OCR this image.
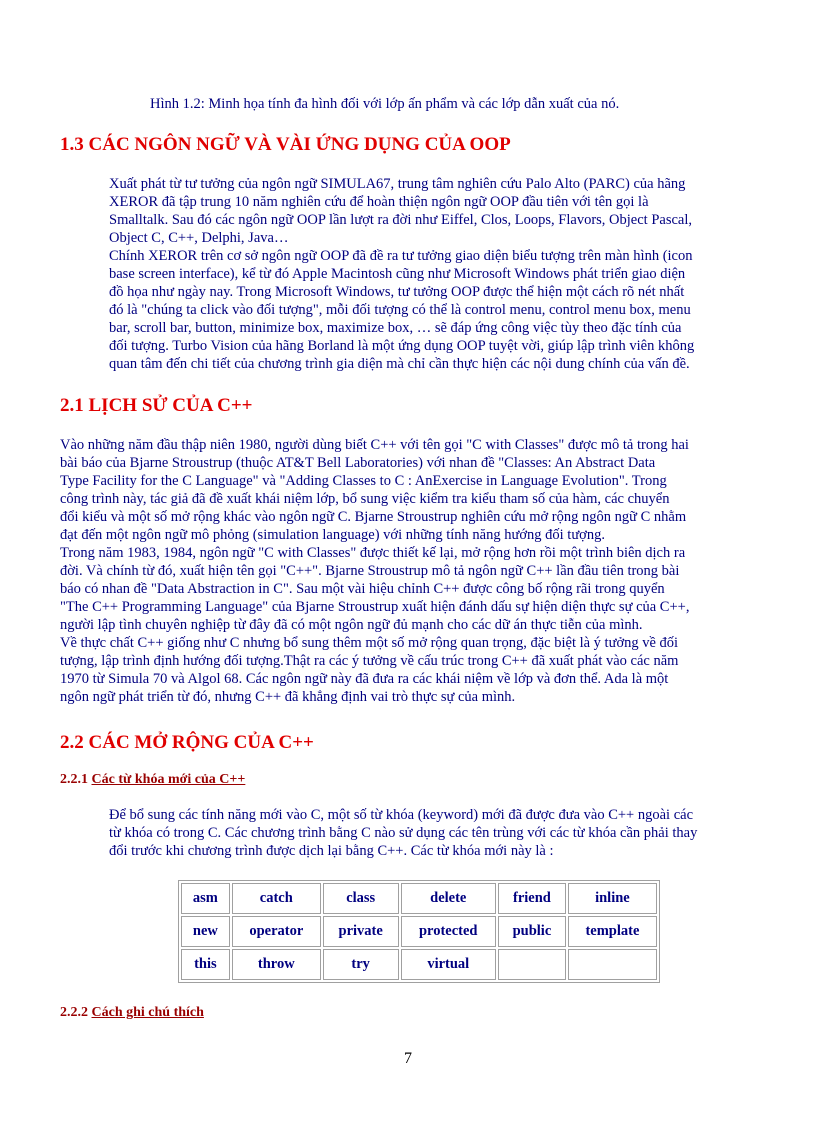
Hình 1.2: Minh họa tính đa hình đối với lớp ấn phẩm và các lớp dẫn xuất của nó.
1.3 CÁC NGÔN NGỮ VÀ VÀI ỨNG DỤNG CỦA OOP
Xuất phát từ tư tưởng của ngôn ngữ SIMULA67, trung tâm nghiên cứu Palo Alto (PARC) của hãng
XEROR đã tập trung 10 năm nghiên cứu để hoàn thiện ngôn ngữ OOP đầu tiên với tên gọi là
Smalltalk. Sau đó các ngôn ngữ OOP lần lượt ra đời như Eiffel, Clos, Loops, Flavors, Object Pascal,
Object C, C++, Delphi, Java…
Chính XEROR trên cơ sở ngôn ngữ OOP đã đề ra tư tưởng giao diện biểu tượng trên màn hình (icon
base screen interface), kể từ đó Apple Macintosh cũng như Microsoft Windows phát triển giao diện
đồ họa như ngày nay. Trong Microsoft Windows, tư tưởng OOP được thể hiện một cách rõ nét nhất
đó là "chúng ta click vào đối tượng", mỗi đối tượng có thể là control menu, control menu box, menu
bar, scroll bar, button, minimize box, maximize box, … sẽ đáp ứng công việc tùy theo đặc tính của
đối tượng. Turbo Vision của hãng Borland là một ứng dụng OOP tuyệt vời, giúp lập trình viên không
quan tâm đến chi tiết của chương trình gia diện mà chỉ cần thực hiện các nội dung chính của vấn đề.
2.1 LỊCH SỬ CỦA C++
Vào những năm đầu thập niên 1980, người dùng biết C++ với tên gọi "C with Classes" được mô tả trong hai
bài báo của Bjarne Stroustrup (thuộc AT&T Bell Laboratories) với nhan đề "Classes: An Abstract Data
Type Facility for the C Language" và "Adding Classes to C : AnExercise in Language Evolution". Trong
công trình này, tác giả đã đề xuất khái niệm lớp, bổ sung việc kiểm tra kiểu tham số của hàm, các chuyển
đổi kiểu và một số mở rộng khác vào ngôn ngữ C. Bjarne Stroustrup nghiên cứu mở rộng ngôn ngữ C nhằm
đạt đến một ngôn ngữ mô phỏng (simulation language) với những tính năng hướng đối tượng.
Trong năm 1983, 1984, ngôn ngữ "C with Classes" được thiết kế lại, mở rộng hơn rồi một trình biên dịch ra
đời. Và chính từ đó, xuất hiện tên gọi "C++". Bjarne Stroustrup mô tả ngôn ngữ C++ lần đầu tiên trong bài
báo có nhan đề "Data Abstraction in C". Sau một vài hiệu chỉnh C++ được công bố rộng rãi trong quyển
"The C++ Programming Language" của Bjarne Stroustrup xuất hiện đánh dấu sự hiện diện thực sự của C++,
người lập tình chuyên nghiệp từ đây đã có một ngôn ngữ đủ mạnh cho các dữ án thực tiễn của mình.
Về thực chất C++ giống như C nhưng bổ sung thêm một số mở rộng quan trọng, đặc biệt là ý tưởng về đối
tượng, lập trình định hướng đối tượng.Thật ra các ý tưởng về cấu trúc trong C++ đã xuất phát vào các năm
1970 từ Simula 70 và Algol 68. Các ngôn ngữ này đã đưa ra các khái niệm về lớp và đơn thể. Ada là một
ngôn ngữ phát triển từ đó, nhưng C++ đã khẳng định vai trò thực sự của mình.
2.2 CÁC MỞ RỘNG CỦA C++
2.2.1 Các từ khóa mới của C++
Để bổ sung các tính năng mới vào C, một số từ khóa (keyword) mới đã được đưa vào C++ ngoài các
từ khóa có trong C. Các chương trình bằng C nào sử dụng các tên trùng với các từ khóa cần phải thay
đổi trước khi chương trình được dịch lại bằng C++. Các từ khóa mới này là :
asm	catch	class	delete	friend	inline
new	operator	private	protected	public	template
this	throw	try	virtual		
2.2.2 Cách ghi chú thích
7
